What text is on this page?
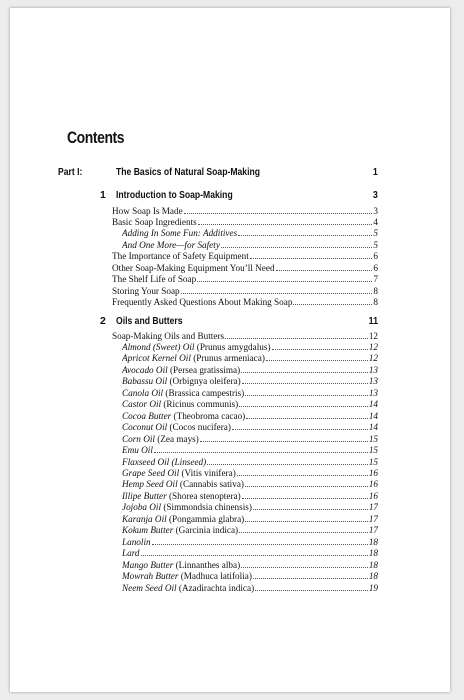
Contents
Part I:	The Basics of Natural Soap-Making	1
1 Introduction to Soap-Making	3
How Soap Is Made	3
Basic Soap Ingredients	4
Adding In Some Fun: Additives	5
And One More—for Safety	5
The Importance of Safety Equipment	6
Other Soap-Making Equipment You’ll Need	6
The Shelf Life of Soap	7
Storing Your Soap	8
Frequently Asked Questions About Making Soap	8
2 Oils and Butters	11
Soap-Making Oils and Butters	12
Almond (Sweet) Oil (Prunus amygdalus)	12
Apricot Kernel Oil (Prunus armeniaca)	12
Avocado Oil (Persea gratissima)	13
Babassu Oil (Orbignya oleifera)	13
Canola Oil (Brassica campestris)	13
Castor Oil (Ricinus communis)	14
Cocoa Butter (Theobroma cacao)	14
Coconut Oil (Cocos nucifera)	14
Corn Oil (Zea mays)	15
Emu Oil	15
Flaxseed Oil (Linseed)	15
Grape Seed Oil (Vitis vinifera)	16
Hemp Seed Oil (Cannabis sativa)	16
Illipe Butter (Shorea stenoptera)	16
Jojoba Oil (Simmondsia chinensis)	17
Karanja Oil (Pongammia glabra)	17
Kokum Butter (Garcinia indica)	17
Lanolin	18
Lard	18
Mango Butter (Linnanthes alba)	18
Mowrah Butter (Madhuca latifolia)	18
Neem Seed Oil (Azadirachta indica)	19
